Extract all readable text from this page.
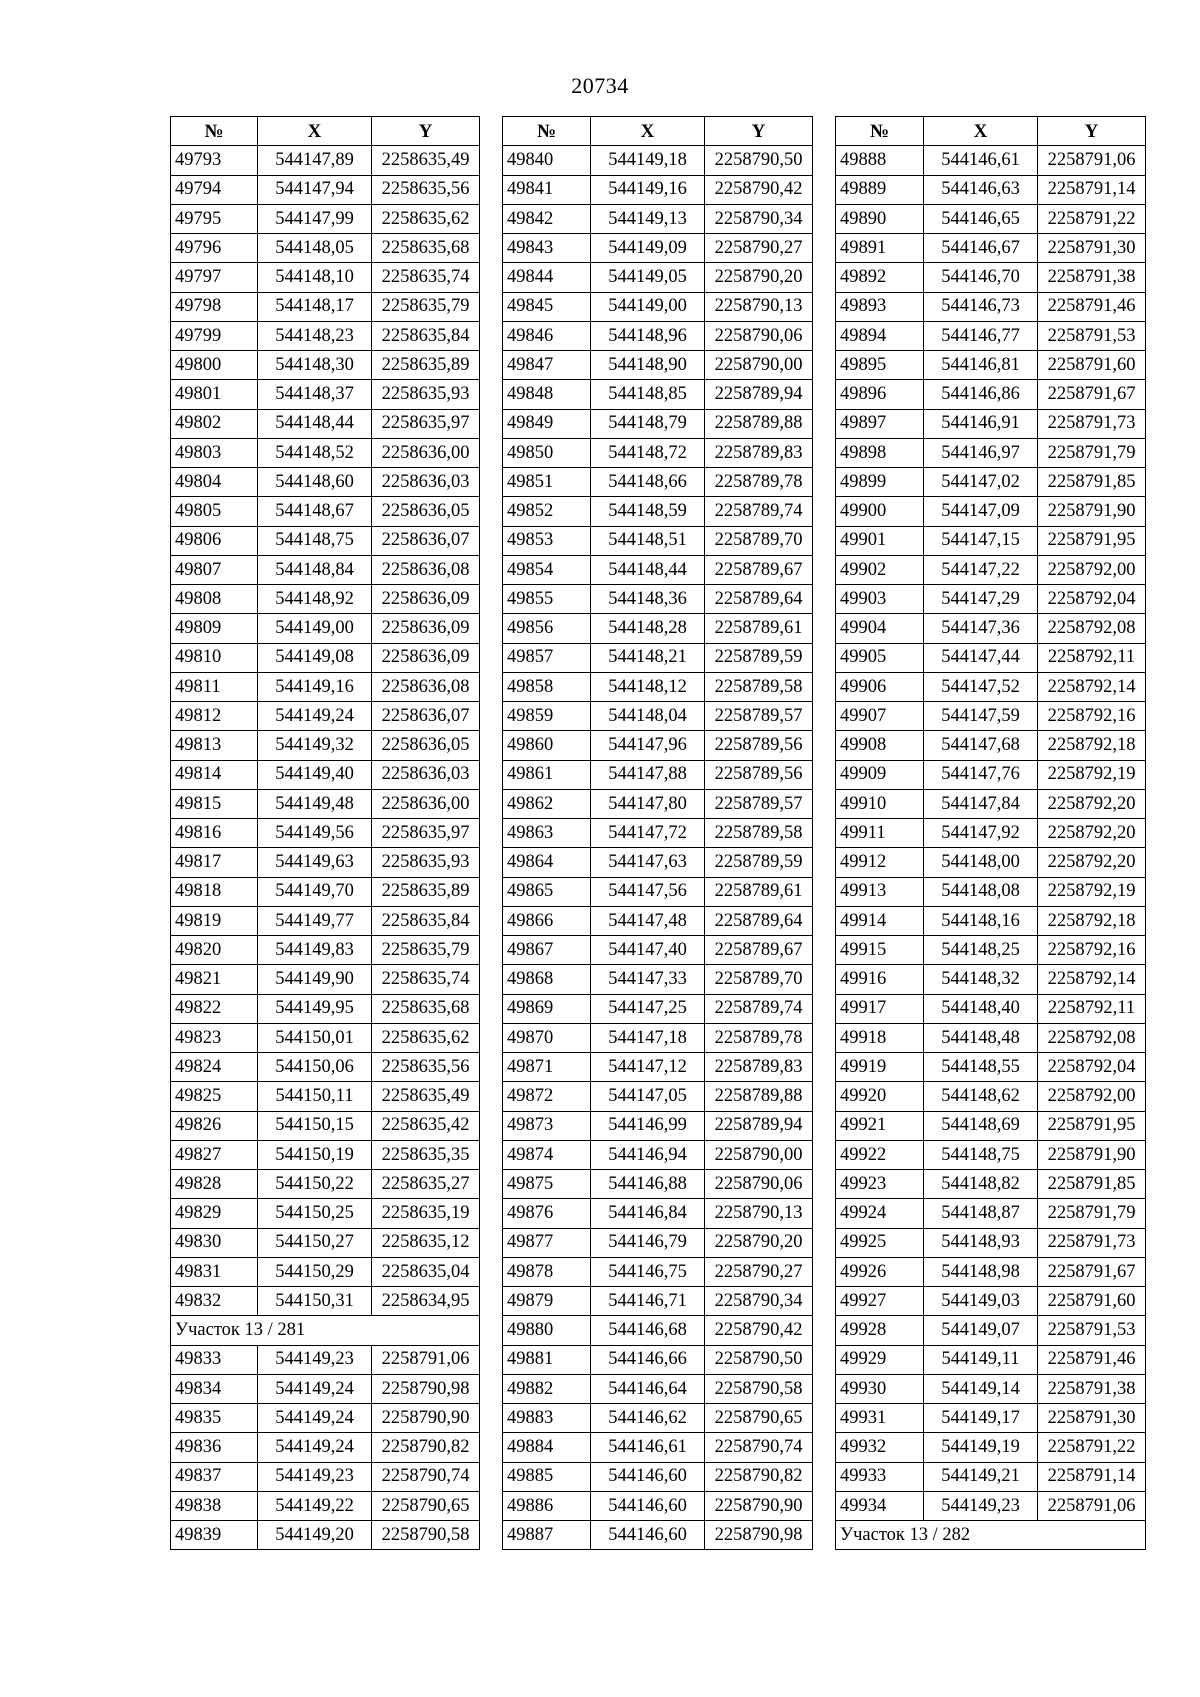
20734
№	X	Y
49793	544147,89	2258635,49
49794	544147,94	2258635,56
49795	544147,99	2258635,62
49796	544148,05	2258635,68
49797	544148,10	2258635,74
49798	544148,17	2258635,79
49799	544148,23	2258635,84
49800	544148,30	2258635,89
49801	544148,37	2258635,93
49802	544148,44	2258635,97
49803	544148,52	2258636,00
49804	544148,60	2258636,03
49805	544148,67	2258636,05
49806	544148,75	2258636,07
49807	544148,84	2258636,08
49808	544148,92	2258636,09
49809	544149,00	2258636,09
49810	544149,08	2258636,09
49811	544149,16	2258636,08
49812	544149,24	2258636,07
49813	544149,32	2258636,05
49814	544149,40	2258636,03
49815	544149,48	2258636,00
49816	544149,56	2258635,97
49817	544149,63	2258635,93
49818	544149,70	2258635,89
49819	544149,77	2258635,84
49820	544149,83	2258635,79
49821	544149,90	2258635,74
49822	544149,95	2258635,68
49823	544150,01	2258635,62
49824	544150,06	2258635,56
49825	544150,11	2258635,49
49826	544150,15	2258635,42
49827	544150,19	2258635,35
49828	544150,22	2258635,27
49829	544150,25	2258635,19
49830	544150,27	2258635,12
49831	544150,29	2258635,04
49832	544150,31	2258634,95
Участок 13 / 281		
49833	544149,23	2258791,06
49834	544149,24	2258790,98
49835	544149,24	2258790,90
49836	544149,24	2258790,82
49837	544149,23	2258790,74
49838	544149,22	2258790,65
49839	544149,20	2258790,58
№	X	Y
49840	544149,18	2258790,50
49841	544149,16	2258790,42
49842	544149,13	2258790,34
49843	544149,09	2258790,27
49844	544149,05	2258790,20
49845	544149,00	2258790,13
49846	544148,96	2258790,06
49847	544148,90	2258790,00
49848	544148,85	2258789,94
49849	544148,79	2258789,88
49850	544148,72	2258789,83
49851	544148,66	2258789,78
49852	544148,59	2258789,74
49853	544148,51	2258789,70
49854	544148,44	2258789,67
49855	544148,36	2258789,64
49856	544148,28	2258789,61
49857	544148,21	2258789,59
49858	544148,12	2258789,58
49859	544148,04	2258789,57
49860	544147,96	2258789,56
49861	544147,88	2258789,56
49862	544147,80	2258789,57
49863	544147,72	2258789,58
49864	544147,63	2258789,59
49865	544147,56	2258789,61
49866	544147,48	2258789,64
49867	544147,40	2258789,67
49868	544147,33	2258789,70
49869	544147,25	2258789,74
49870	544147,18	2258789,78
49871	544147,12	2258789,83
49872	544147,05	2258789,88
49873	544146,99	2258789,94
49874	544146,94	2258790,00
49875	544146,88	2258790,06
49876	544146,84	2258790,13
49877	544146,79	2258790,20
49878	544146,75	2258790,27
49879	544146,71	2258790,34
49880	544146,68	2258790,42
49881	544146,66	2258790,50
49882	544146,64	2258790,58
49883	544146,62	2258790,65
49884	544146,61	2258790,74
49885	544146,60	2258790,82
49886	544146,60	2258790,90
49887	544146,60	2258790,98
№	X	Y
49888	544146,61	2258791,06
49889	544146,63	2258791,14
49890	544146,65	2258791,22
49891	544146,67	2258791,30
49892	544146,70	2258791,38
49893	544146,73	2258791,46
49894	544146,77	2258791,53
49895	544146,81	2258791,60
49896	544146,86	2258791,67
49897	544146,91	2258791,73
49898	544146,97	2258791,79
49899	544147,02	2258791,85
49900	544147,09	2258791,90
49901	544147,15	2258791,95
49902	544147,22	2258792,00
49903	544147,29	2258792,04
49904	544147,36	2258792,08
49905	544147,44	2258792,11
49906	544147,52	2258792,14
49907	544147,59	2258792,16
49908	544147,68	2258792,18
49909	544147,76	2258792,19
49910	544147,84	2258792,20
49911	544147,92	2258792,20
49912	544148,00	2258792,20
49913	544148,08	2258792,19
49914	544148,16	2258792,18
49915	544148,25	2258792,16
49916	544148,32	2258792,14
49917	544148,40	2258792,11
49918	544148,48	2258792,08
49919	544148,55	2258792,04
49920	544148,62	2258792,00
49921	544148,69	2258791,95
49922	544148,75	2258791,90
49923	544148,82	2258791,85
49924	544148,87	2258791,79
49925	544148,93	2258791,73
49926	544148,98	2258791,67
49927	544149,03	2258791,60
49928	544149,07	2258791,53
49929	544149,11	2258791,46
49930	544149,14	2258791,38
49931	544149,17	2258791,30
49932	544149,19	2258791,22
49933	544149,21	2258791,14
49934	544149,23	2258791,06
Участок 13 / 282		
